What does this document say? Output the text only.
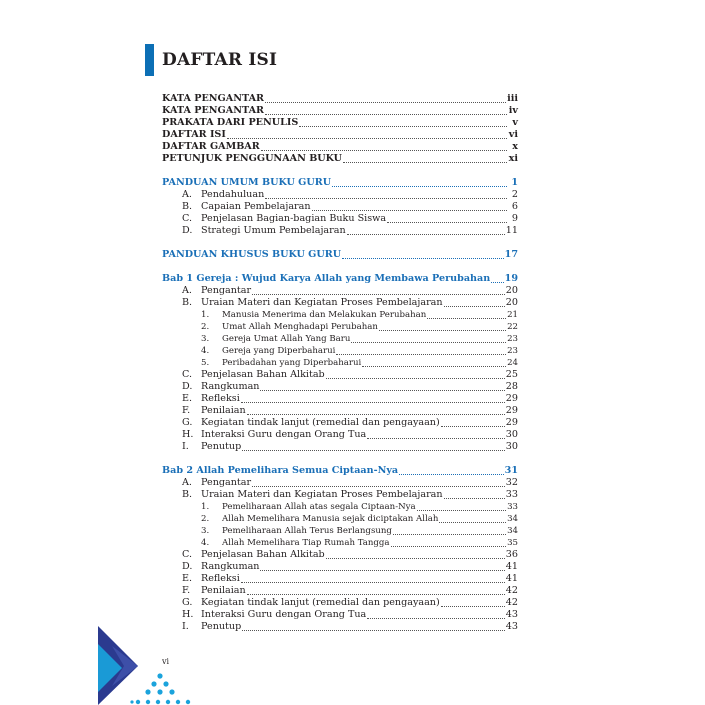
DAFTAR ISI
KATA PENGANTAR	iii
KATA PENGANTAR	iv
PRAKATA DARI PENULIS	v
DAFTAR ISI	vi
DAFTAR GAMBAR	x
PETUNJUK PENGGUNAAN BUKU	xi
PANDUAN UMUM BUKU GURU	1
A. Pendahuluan	2
B. Capaian Pembelajaran	6
C. Penjelasan Bagian-bagian Buku Siswa	9
D. Strategi Umum Pembelajaran	11
PANDUAN KHUSUS BUKU GURU	17
Bab 1 Gereja : Wujud Karya Allah yang Membawa Perubahan 19
A. Pengantar	20
B. Uraian Materi dan Kegiatan Proses Pembelajaran	20
1.	Manusia Menerima dan Melakukan Perubahan	21
2.	Umat Allah Menghadapi Perubahan	22
3.	Gereja Umat Allah Yang Baru	23
4.	Gereja yang Diperbaharui	23
5.	Peribadahan yang Diperbaharui	24
C. Penjelasan Bahan Alkitab	25
D. Rangkuman	28
E. Refleksi	29
F.	Penilaian	29
G. Kegiatan tindak lanjut (remedial dan pengayaan)	29
H. Interaksi Guru dengan Orang Tua	30
I.	Penutup	30
Bab 2 Allah Pemelihara Semua Ciptaan-Nya	31
A. Pengantar	32
B. Uraian Materi dan Kegiatan Proses Pembelajaran	33
1.	Pemeliharaan Allah atas segala Ciptaan-Nya	33
2.	Allah Memelihara Manusia sejak diciptakan Allah	34
3.	Pemeliharaan Allah Terus Berlangsung	34
4.	Allah Memelihara Tiap Rumah Tangga	35
C. Penjelasan Bahan Alkitab	36
D. Rangkuman	41
E. Refleksi	41
F.	Penilaian	42
G. Kegiatan tindak lanjut (remedial dan pengayaan)	42
H. Interaksi Guru dengan Orang Tua	43
I.	Penutup	43
vi
